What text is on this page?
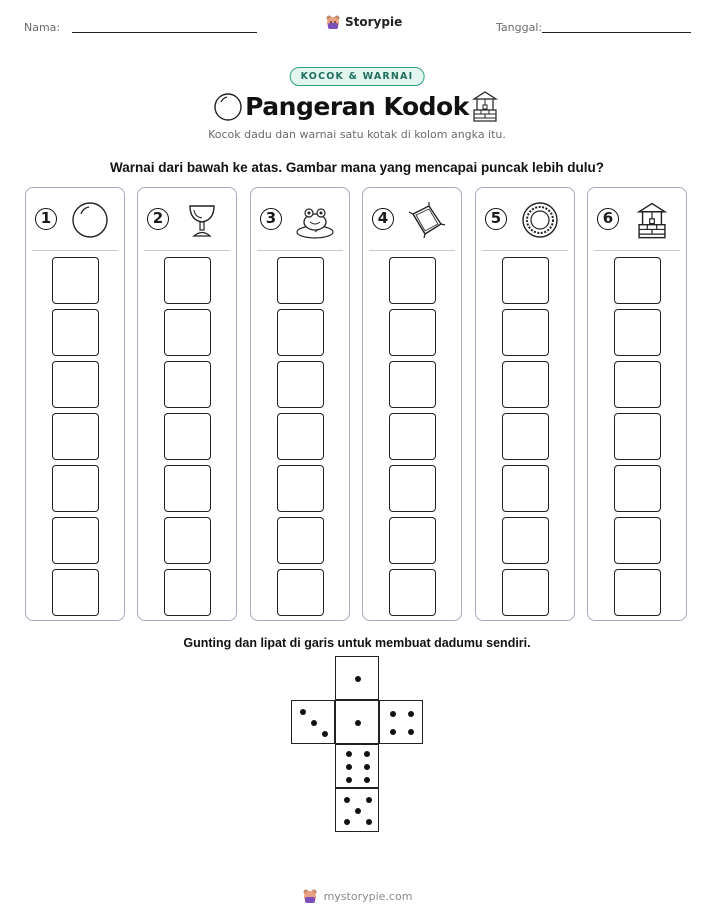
Nama:	Storypie	Tanggal:
KOCOK & WARNAI
Pangeran Kodok
Kocok dadu dan warnai satu kotak di kolom angka itu.
Warnai dari bawah ke atas. Gambar mana yang mencapai puncak lebih dulu?
1	2	3	4	5	6
Gunting dan lipat di garis untuk membuat dadumu sendiri.
mystorypie.com
